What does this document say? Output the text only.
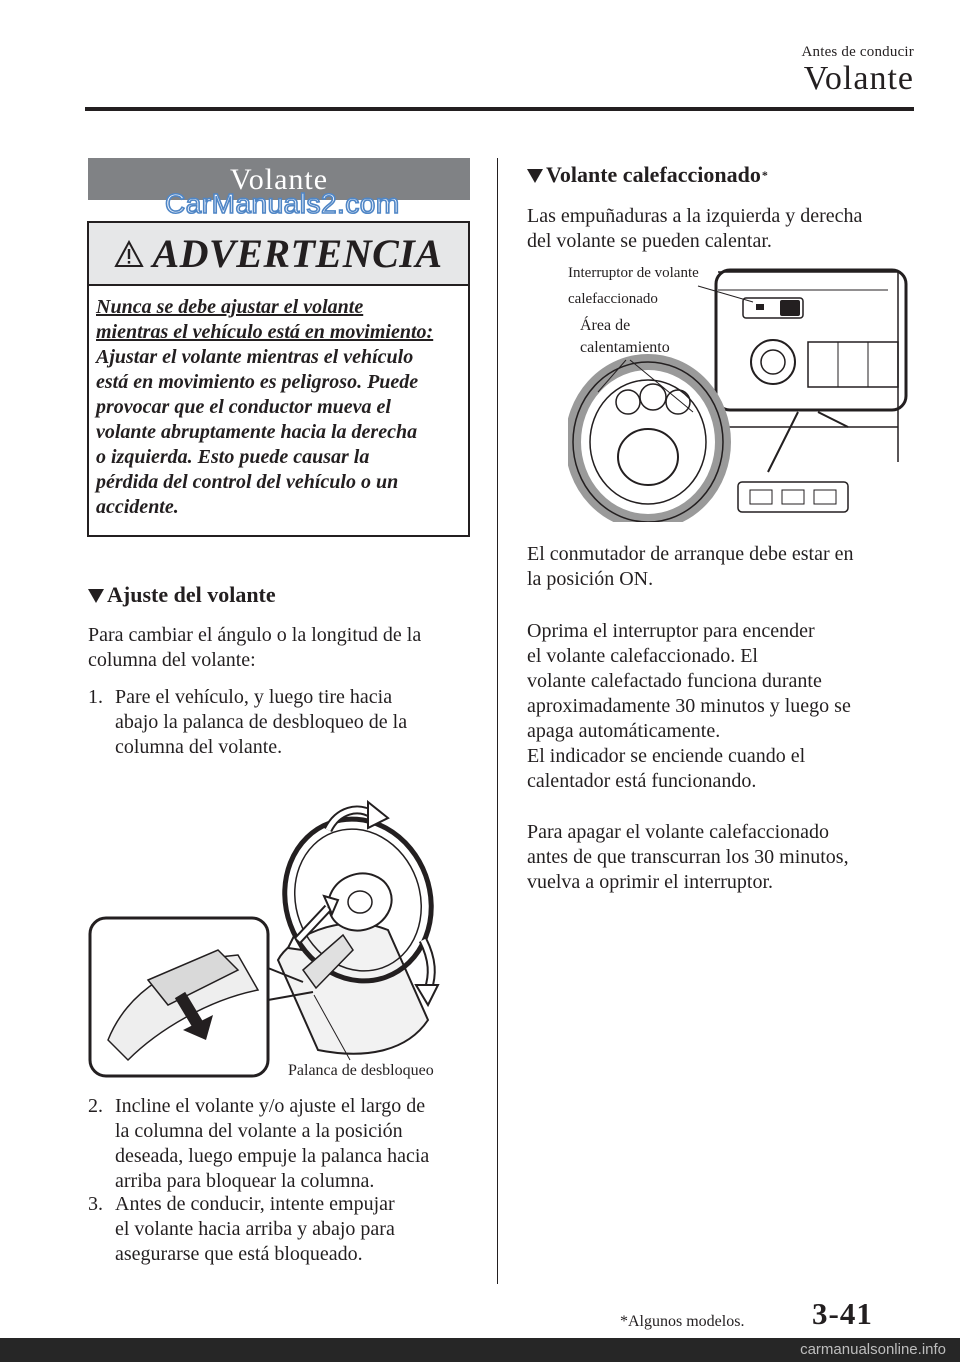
Antes de conducir
Volante
Volante
CarManuals2.com
ADVERTENCIA
Nunca se debe ajustar el volante
mientras el vehículo está en movimiento:
Ajustar el volante mientras el vehículo
está en movimiento es peligroso. Puede
provocar que el conductor mueva el
volante abruptamente hacia la derecha
o izquierda. Esto puede causar la
pérdida del control del vehículo o un
accidente.
Ajuste del volante
Para cambiar el ángulo o la longitud de la
columna del volante:
1. Pare el vehículo, y luego tire hacia
abajo la palanca de desbloqueo de la
columna del volante.
Palanca de desbloqueo
2. Incline el volante y/o ajuste el largo de
la columna del volante a la posición
deseada, luego empuje la palanca hacia
arriba para bloquear la columna.
3. Antes de conducir, intente empujar
el volante hacia arriba y abajo para
asegurarse que está bloqueado.
Volante calefaccionado *
Las empuñaduras a la izquierda y derecha
del volante se pueden calentar.
Interruptor de volante
calefaccionado
Área de
calentamiento
El conmutador de arranque debe estar en
la posición ON.
Oprima el interruptor para encender
el volante calefaccionado. El
volante calefactado funciona durante
aproximadamente 30 minutos y luego se
apaga automáticamente.
El indicador se enciende cuando el
calentador está funcionando.
Para apagar el volante calefaccionado
antes de que transcurran los 30 minutos,
vuelva a oprimir el interruptor.
*Algunos modelos. 3-41
carmanualsonline.info
